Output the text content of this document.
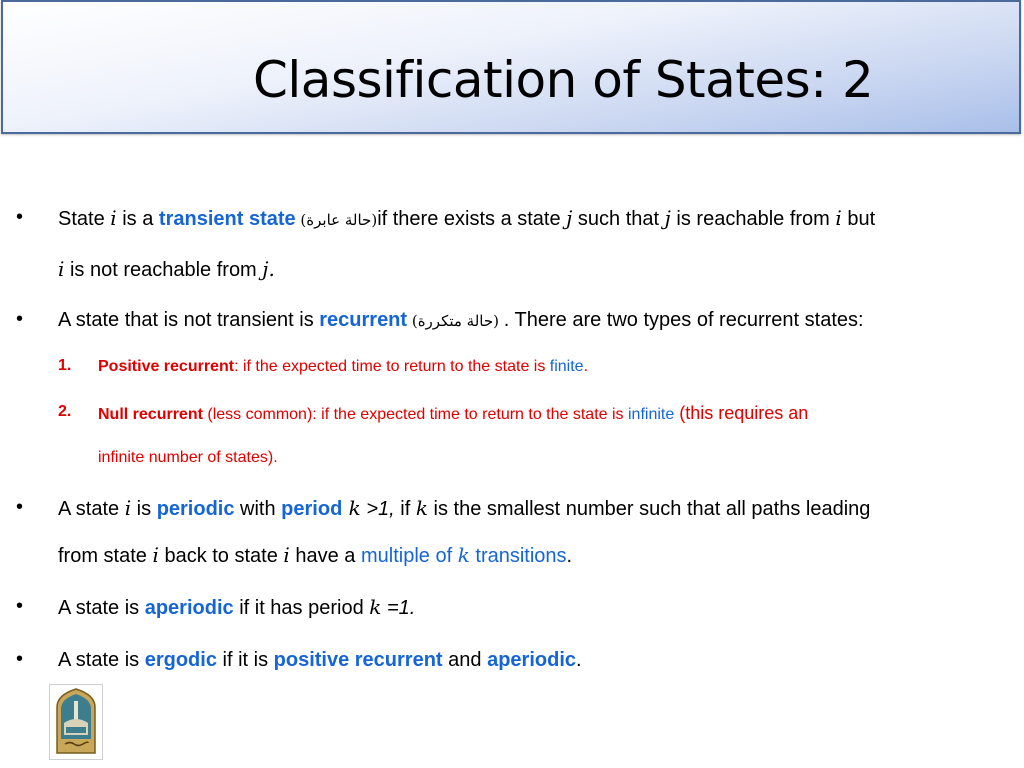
Classification of States: 2
• State i is a transient state (حالة عابرة)if there exists a state j such that j is reachable from i but
i is not reachable from j.
• A state that is not transient is recurrent (حالة متكررة) . There are two types of recurrent states:
1. Positive recurrent: if the expected time to return to the state is finite.
2. Null recurrent (less common): if the expected time to return to the state is infinite (this requires an
infinite number of states).
• A state i is periodic with period k >1, if k is the smallest number such that all paths leading
from state i back to state i have a multiple of k transitions.
• A state is aperiodic if it has period k =1.
• A state is ergodic if it is positive recurrent and aperiodic.
